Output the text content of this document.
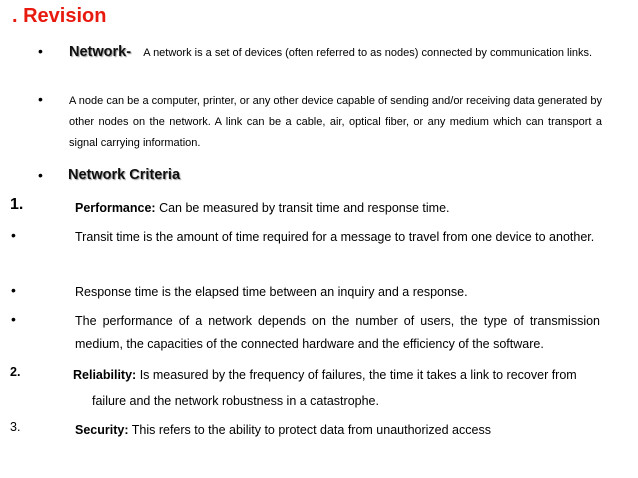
. Revision
• Network- A network is a set of devices (often referred to as nodes) connected by communication links.
• A node can be a computer, printer, or any other device capable of sending and/or receiving data generated by other nodes on the network. A link can be a cable, air, optical fiber, or any medium which can transport a signal carrying information.
• Network Criteria
1.	Performance: Can be measured by transit time and response time.
•	Transit time is the amount of time required for a message to travel from one device to another.
•	Response time is the elapsed time between an inquiry and a response.
•	The performance of a network depends on the number of users, the type of transmission medium, the capacities of the connected hardware and the efficiency of the software.
2.	Reliability: Is measured by the frequency of failures, the time it takes a link to recover from
failure and the network robustness in a catastrophe.
3.	Security: This refers to the ability to protect data from unauthorized access
